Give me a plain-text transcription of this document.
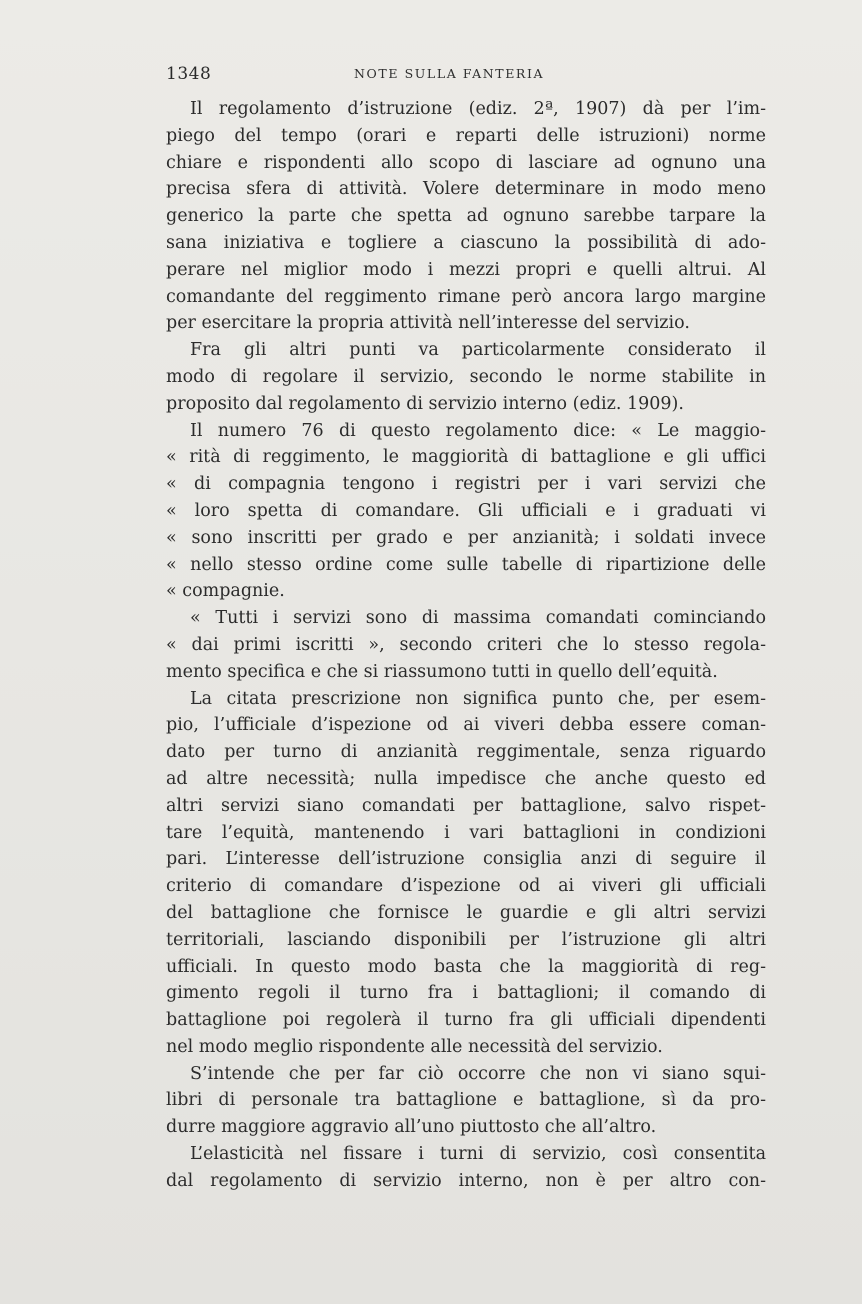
1348	NOTE SULLA FANTERIA
Il regolamento d’istruzione (ediz. 2ª, 1907) dà per l’im-
piego del tempo (orari e reparti delle istruzioni) norme
chiare e rispondenti allo scopo di lasciare ad ognuno una
precisa sfera di attività. Volere determinare in modo meno
generico la parte che spetta ad ognuno sarebbe tarpare la
sana iniziativa e togliere a ciascuno la possibilità di ado-
perare nel miglior modo i mezzi propri e quelli altrui. Al
comandante del reggimento rimane però ancora largo margine
per esercitare la propria attività nell’interesse del servizio.
Fra gli altri punti va particolarmente considerato il
modo di regolare il servizio, secondo le norme stabilite in
proposito dal regolamento di servizio interno (ediz. 1909).
Il numero 76 di questo regolamento dice: « Le maggio-
« rità di reggimento, le maggiorità di battaglione e gli uffici
« di compagnia tengono i registri per i vari servizi che
« loro spetta di comandare. Gli ufficiali e i graduati vi
« sono inscritti per grado e per anzianità; i soldati invece
« nello stesso ordine come sulle tabelle di ripartizione delle
« compagnie.
« Tutti i servizi sono di massima comandati cominciando
« dai primi iscritti », secondo criteri che lo stesso regola-
mento specifica e che si riassumono tutti in quello dell’equità.
La citata prescrizione non significa punto che, per esem-
pio, l’ufficiale d’ispezione od ai viveri debba essere coman-
dato per turno di anzianità reggimentale, senza riguardo
ad altre necessità; nulla impedisce che anche questo ed
altri servizi siano comandati per battaglione, salvo rispet-
tare l’equità, mantenendo i vari battaglioni in condizioni
pari. L’interesse dell’istruzione consiglia anzi di seguire il
criterio di comandare d’ispezione od ai viveri gli ufficiali
del battaglione che fornisce le guardie e gli altri servizi
territoriali, lasciando disponibili per l’istruzione gli altri
ufficiali. In questo modo basta che la maggiorità di reg-
gimento regoli il turno fra i battaglioni; il comando di
battaglione poi regolerà il turno fra gli ufficiali dipendenti
nel modo meglio rispondente alle necessità del servizio.
S’intende che per far ciò occorre che non vi siano squi-
libri di personale tra battaglione e battaglione, sì da pro-
durre maggiore aggravio all’uno piuttosto che all’altro.
L’elasticità nel fissare i turni di servizio, così consentita
dal regolamento di servizio interno, non è per altro con-
